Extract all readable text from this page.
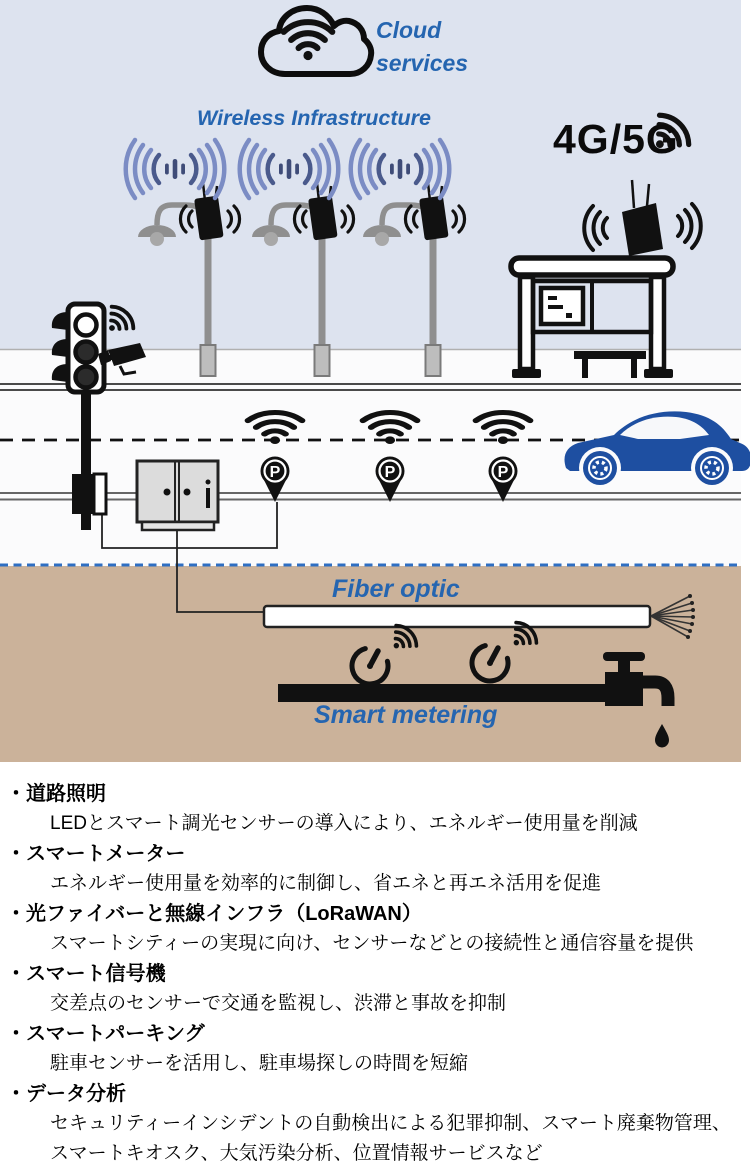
P	P	P
Cloud
services
Wireless Infrastructure	4G/5G
Fiber optic
Smart metering
・道路照明
LEDとスマート調光センサーの導入により、エネルギー使用量を削減
・スマートメーター
エネルギー使用量を効率的に制御し、省エネと再エネ活用を促進
・光ファイバーと無線インフラ（LoRaWAN）
スマートシティーの実現に向け、センサーなどとの接続性と通信容量を提供
・スマート信号機
交差点のセンサーで交通を監視し、渋滞と事故を抑制
・スマートパーキング
駐車センサーを活用し、駐車場探しの時間を短縮
・データ分析
セキュリティーインシデントの自動検出による犯罪抑制、スマート廃棄物管理、スマートキオスク、大気汚染分析、位置情報サービスなど
